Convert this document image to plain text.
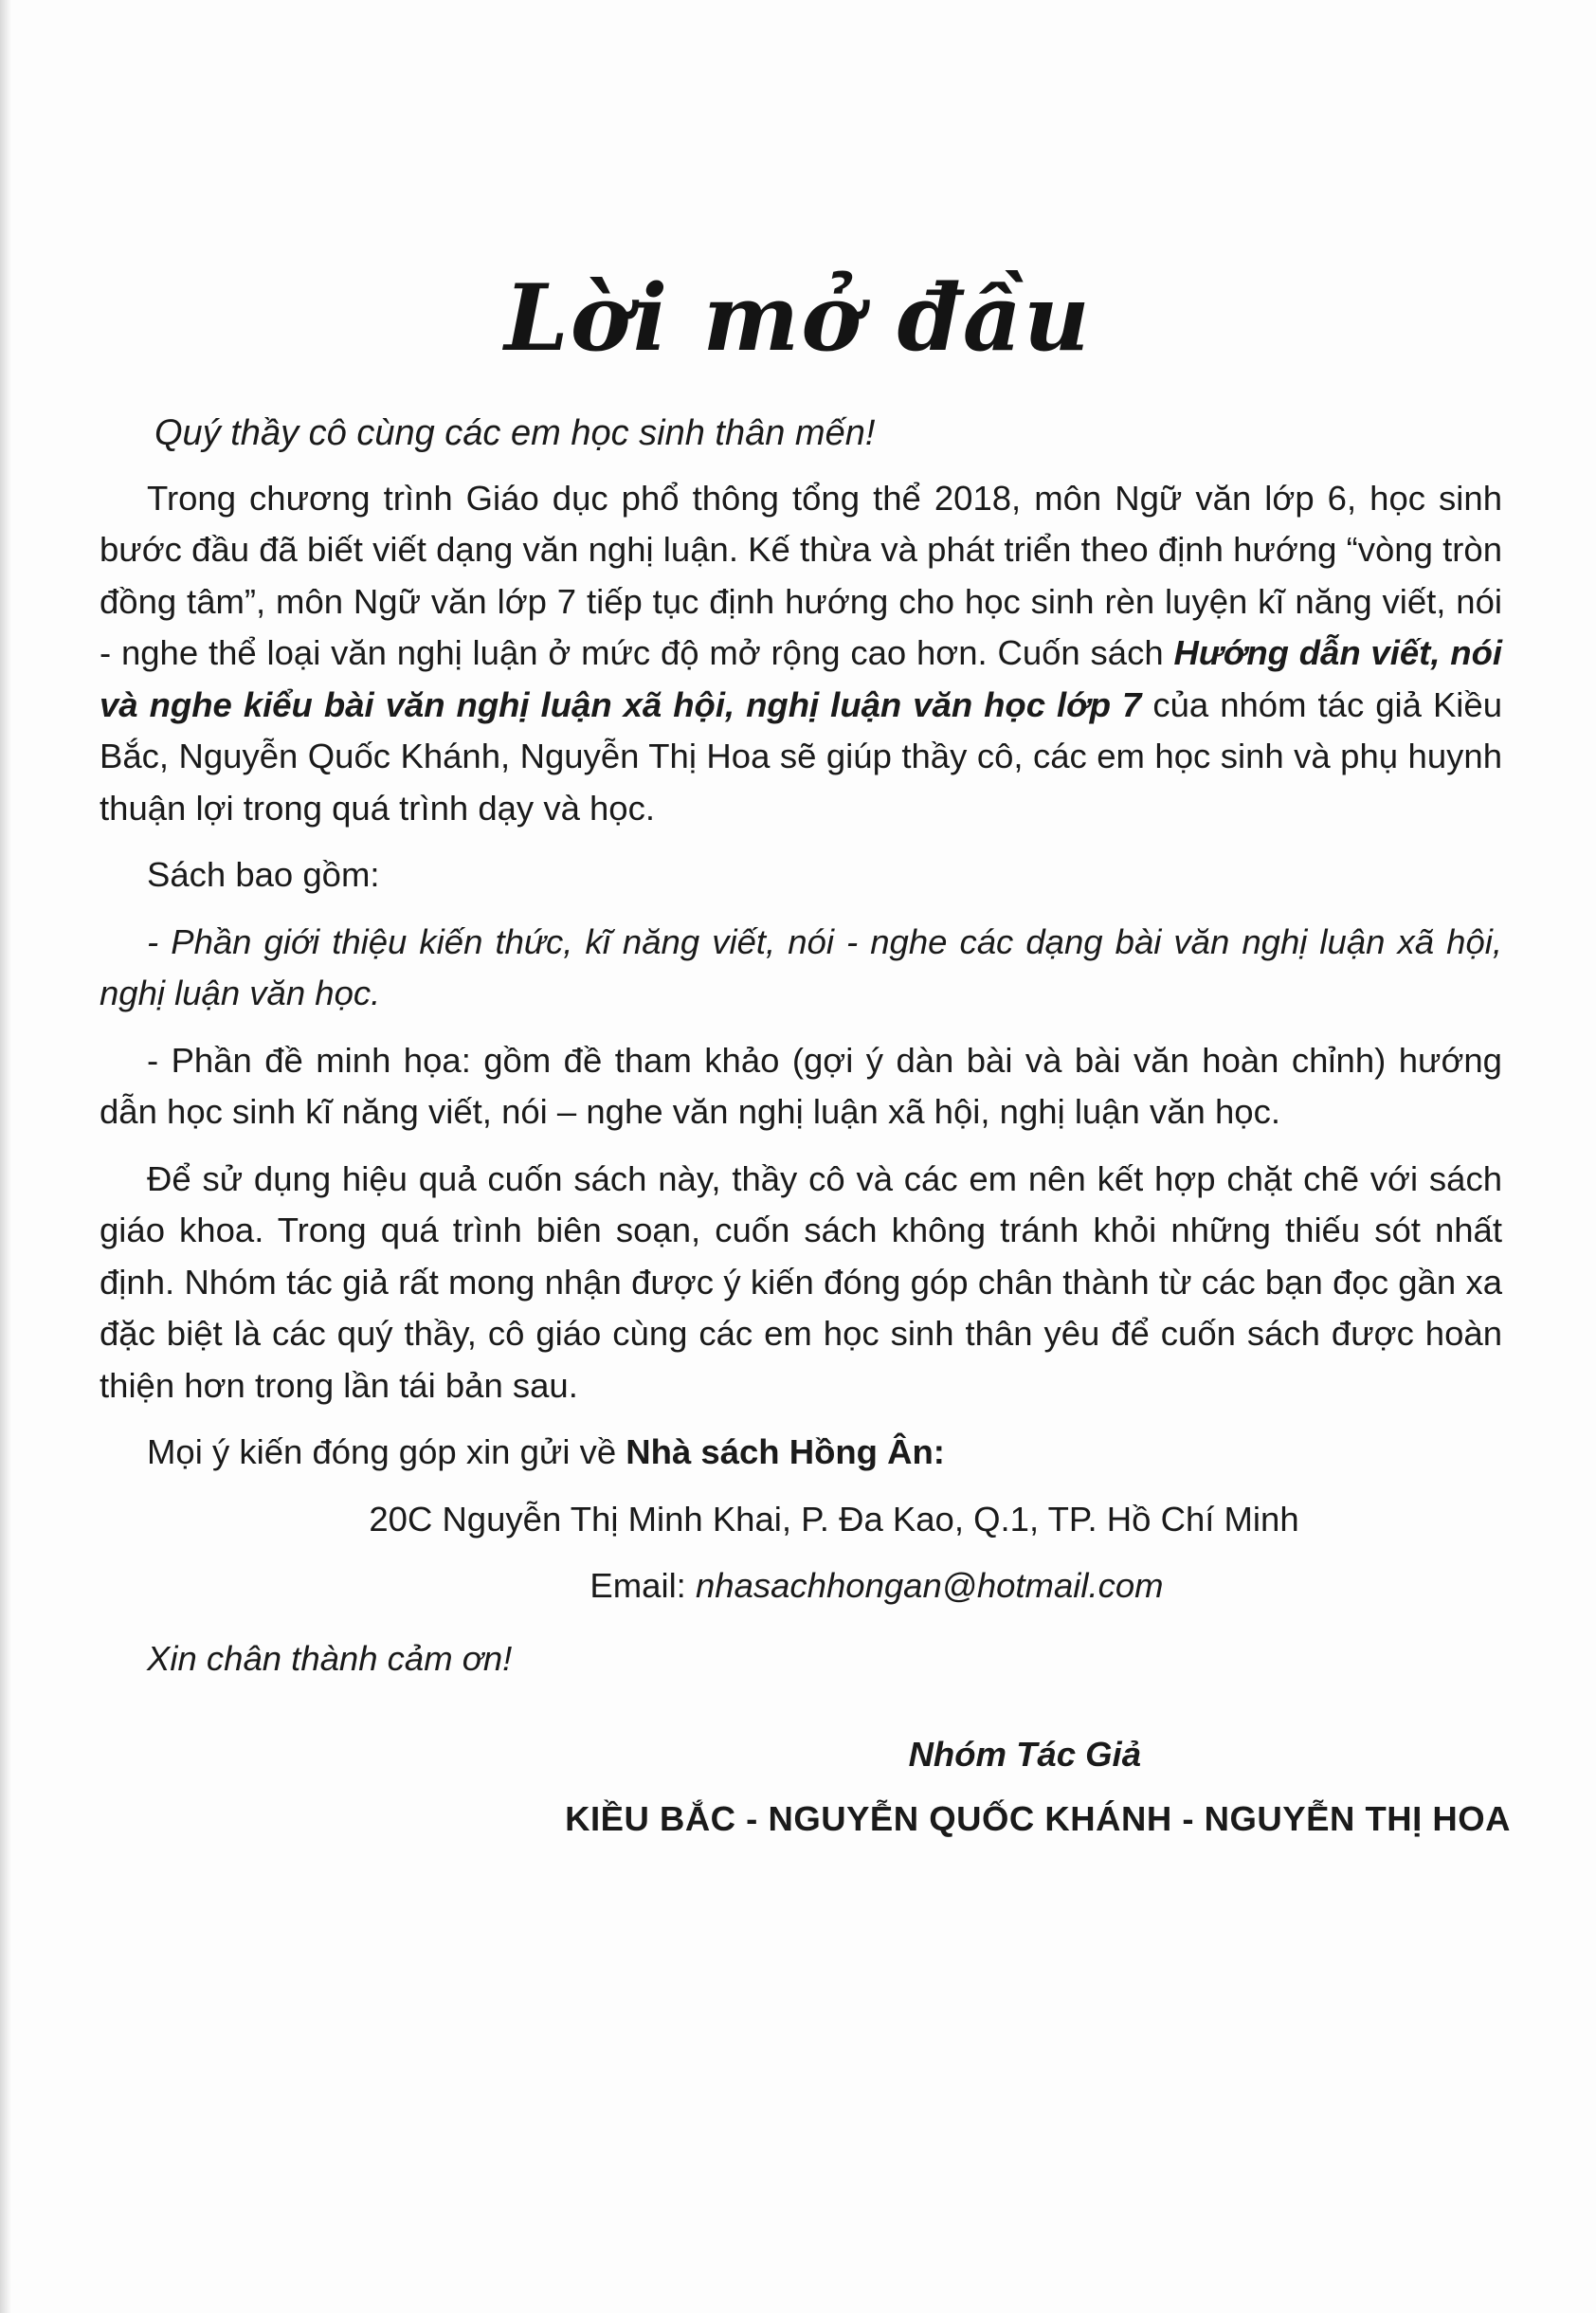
Lời mở đầu

Quý thầy cô cùng các em học sinh thân mến!

Trong chương trình Giáo dục phổ thông tổng thể 2018, môn Ngữ văn lớp 6, học sinh bước đầu đã biết viết dạng văn nghị luận. Kế thừa và phát triển theo định hướng “vòng tròn đồng tâm”, môn Ngữ văn lớp 7 tiếp tục định hướng cho học sinh rèn luyện kĩ năng viết, nói - nghe thể loại văn nghị luận ở mức độ mở rộng cao hơn. Cuốn sách Hướng dẫn viết, nói và nghe kiểu bài văn nghị luận xã hội, nghị luận văn học lớp 7 của nhóm tác giả Kiều Bắc, Nguyễn Quốc Khánh, Nguyễn Thị Hoa sẽ giúp thầy cô, các em học sinh và phụ huynh thuận lợi trong quá trình dạy và học.

Sách bao gồm:

- Phần giới thiệu kiến thức, kĩ năng viết, nói - nghe các dạng bài văn nghị luận xã hội, nghị luận văn học.

- Phần đề minh họa: gồm đề tham khảo (gợi ý dàn bài và bài văn hoàn chỉnh) hướng dẫn học sinh kĩ năng viết, nói – nghe văn nghị luận xã hội, nghị luận văn học.

Để sử dụng hiệu quả cuốn sách này, thầy cô và các em nên kết hợp chặt chẽ với sách giáo khoa. Trong quá trình biên soạn, cuốn sách không tránh khỏi những thiếu sót nhất định. Nhóm tác giả rất mong nhận được ý kiến đóng góp chân thành từ các bạn đọc gần xa đặc biệt là các quý thầy, cô giáo cùng các em học sinh thân yêu để cuốn sách được hoàn thiện hơn trong lần tái bản sau.

Mọi ý kiến đóng góp xin gửi về Nhà sách Hồng Ân:

20C Nguyễn Thị Minh Khai, P. Đa Kao, Q.1, TP. Hồ Chí Minh

Email: nhasachhongan@hotmail.com

Xin chân thành cảm ơn!

Nhóm Tác Giả
KIỀU BẮC - NGUYỄN QUỐC KHÁNH - NGUYỄN THỊ HOA
